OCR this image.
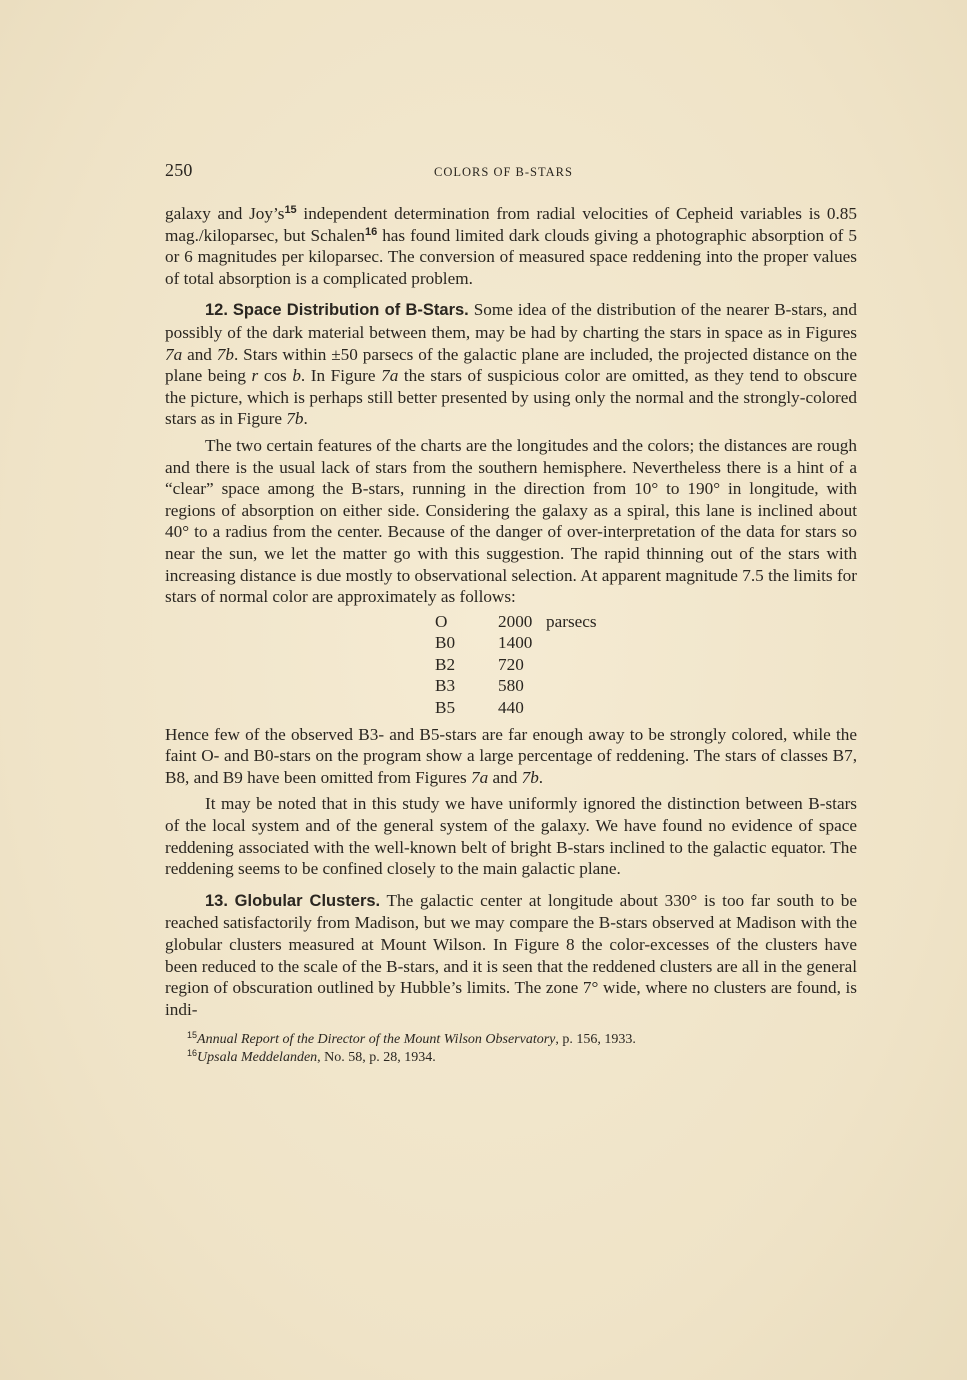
250	COLORS OF B-STARS

galaxy and $Joy’s^{15}$ independent determination from radial velocities of Cepheid variables is 0.85 mag./kiloparsec, but Schalen$^{16}$ has found limited dark clouds giving a photographic absorption of 5 or 6 magnitudes per kiloparsec. The conversion of measured space reddening into the proper values of total absorption is a complicated problem.

12. Space Distribution of B-Stars. Some idea of the distribution of the nearer B-stars, and possibly of the dark material between them, may be had by charting the stars in space as in Figures 7a and 7b. Stars within ±50 parsecs of the galactic plane are included, the projected distance on the plane being r cos b. In Figure 7a the stars of suspicious color are omitted, as they tend to obscure the picture, which is perhaps still better presented by using only the normal and the strongly-colored stars as in Figure 7b.

The two certain features of the charts are the longitudes and the colors; the distances are rough and there is the usual lack of stars from the southern hemisphere. Nevertheless there is a hint of a “clear” space among the B-stars, running in the direction from 10° to 190° in longitude, with regions of absorption on either side. Considering the galaxy as a spiral, this lane is inclined about 40° to a radius from the center. Because of the danger of over-interpretation of the data for stars so near the sun, we let the matter go with this suggestion. The rapid thinning out of the stars with increasing distance is due mostly to observational selection. At apparent magnitude 7.5 the limits for stars of normal color are approximately as follows:

O	2000	parsecs
B0	1400	
B2	720	
B3	580	
B5	440	

Hence few of the observed B3- and B5-stars are far enough away to be strongly colored, while the faint O- and B0-stars on the program show a large percentage of reddening. The stars of classes B7, B8, and B9 have been omitted from Figures 7a and 7b.

It may be noted that in this study we have uniformly ignored the distinction between B-stars of the local system and of the general system of the galaxy. We have found no evidence of space reddening associated with the well-known belt of bright B-stars inclined to the galactic equator. The reddening seems to be confined closely to the main galactic plane.

13. Globular Clusters. The galactic center at longitude about 330° is too far south to be reached satisfactorily from Madison, but we may compare the B-stars observed at Madison with the globular clusters measured at Mount Wilson. In Figure 8 the color-excesses of the clusters have been reduced to the scale of the B-stars, and it is seen that the reddened clusters are all in the general region of obscuration outlined by Hubble’s limits. The zone 7° wide, where no clusters are found, is indi-

$^{15}$Annual Report of the Director of the Mount Wilson Observatory, p. 156, 1933.

$^{16}$Upsala Meddelanden, No. 58, p. 28, 1934.
